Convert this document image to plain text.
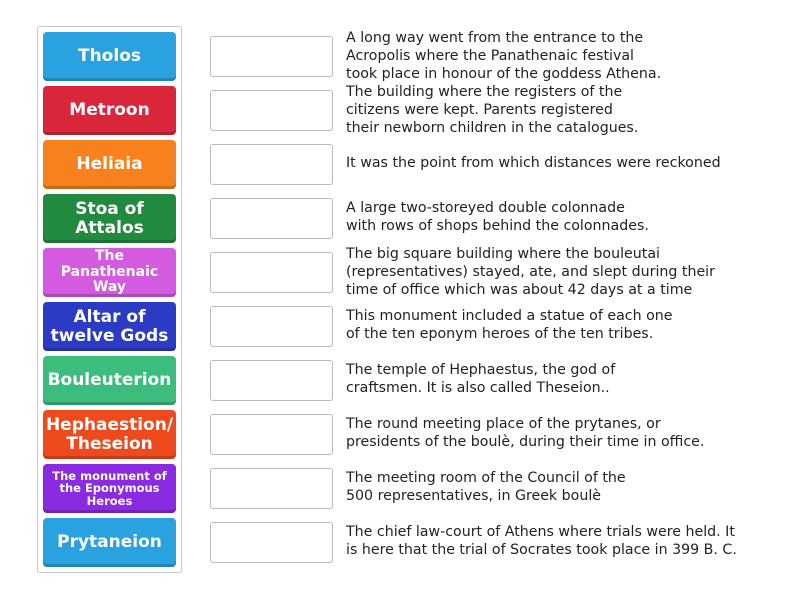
Tholos
Metroon
Heliaia
Stoa of
Attalos
The Panathenaic
Way
Altar of
twelve Gods
Bouleuterion
Hephaestion/
Theseion
The monument of
the Eponymous
Heroes
Prytaneion
A long way went from the entrance to the
Acropolis where the Panathenaic festival
took place in honour of the goddess Athena.
The building where the registers of the
citizens were kept. Parents registered
their newborn children in the catalogues.
It was the point from which distances were reckoned
A large two-storeyed double colonnade
with rows of shops behind the colonnades.
The big square building where the bouleutai
(representatives) stayed, ate, and slept during their
time of office which was about 42 days at a time
This monument included a statue of each one
of the ten eponym heroes of the ten tribes.
The temple of Hephaestus, the god of
craftsmen. It is also called Theseion..
The round meeting place of the prytanes, or
presidents of the boulè, during their time in office.
The meeting room of the Council of the
500 representatives, in Greek boulè
The chief law-court of Athens where trials were held. It
is here that the trial of Socrates took place in 399 B. C.
